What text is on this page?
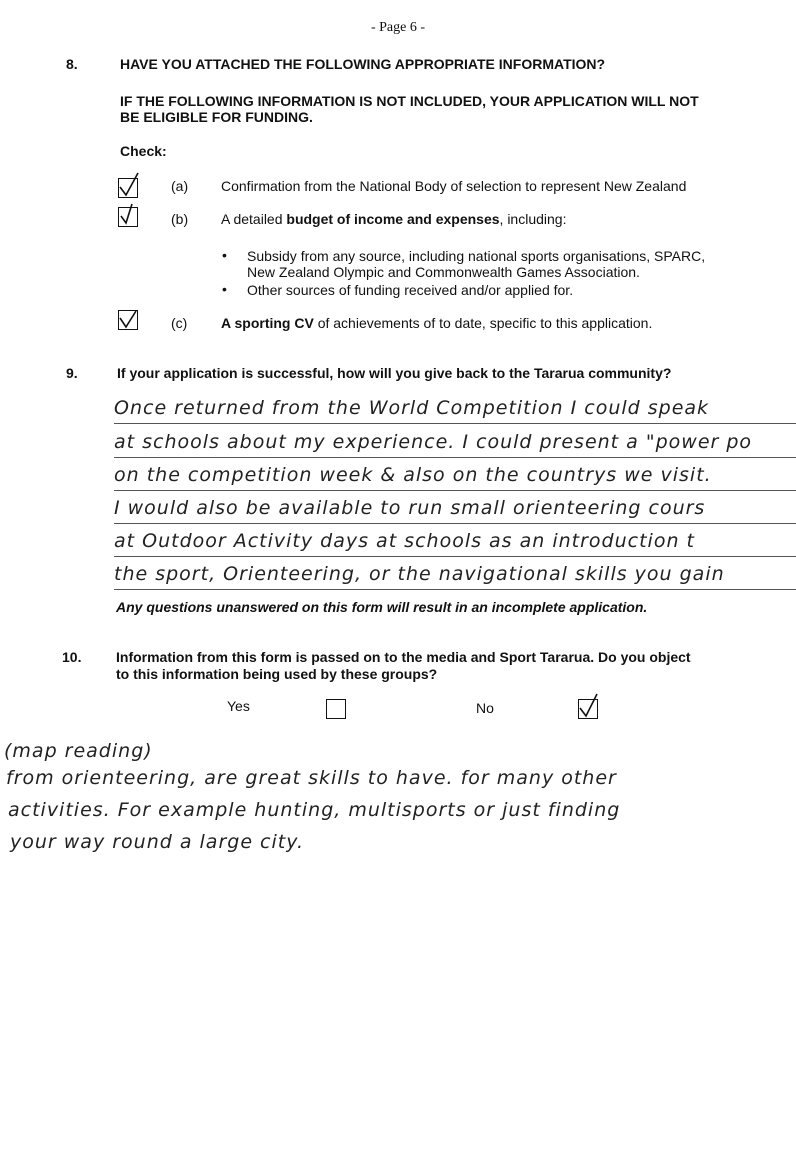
- Page 6 -
8.	HAVE YOU ATTACHED THE FOLLOWING APPROPRIATE INFORMATION?
IF THE FOLLOWING INFORMATION IS NOT INCLUDED, YOUR APPLICATION WILL NOT
BE ELIGIBLE FOR FUNDING.
Check:
(a) Confirmation from the National Body of selection to represent New Zealand
(b) A detailed budget of income and expenses, including:
• Subsidy from any source, including national sports organisations, SPARC,
New Zealand Olympic and Commonwealth Games Association.
• Other sources of funding received and/or applied for.
(c) A sporting CV of achievements of to date, specific to this application.
9.	If your application is successful, how will you give back to the Tararua community?
Once returned from the World Competition I could speak
at schools about my experience. I could present a "power po
on the competition week & also on the countrys we visit.
I would also be available to run small orienteering cours
at Outdoor Activity days at schools as an introduction t
the sport, Orienteering, or the navigational skills you gain
Any questions unanswered on this form will result in an incomplete application.
10. Information from this form is passed on to the media and Sport Tararua. Do you object
to this information being used by these groups?
Yes	No
(map reading)
from orienteering, are great skills to have. for many other
activities. For example hunting, multisports or just finding
your way round a large city.
